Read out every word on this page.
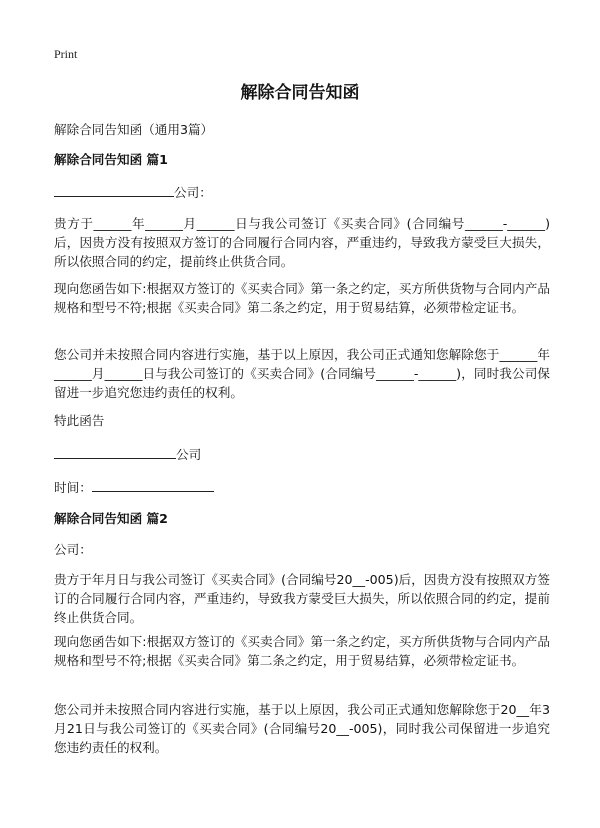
Print
解除合同告知函
解除合同告知函（通用3篇）
解除合同告知函 篇1
公司：
贵方于______年______月______日与我公司签订《买卖合同》(合同编号______-______)后，因贵方没有按照双方签订的合同履行合同内容，严重违约，导致我方蒙受巨大损失，所以依照合同的约定，提前终止供货合同。
现向您函告如下:根据双方签订的《买卖合同》第一条之约定，买方所供货物与合同内产品规格和型号不符;根据《买卖合同》第二条之约定，用于贸易结算，必须带检定证书。
您公司并未按照合同内容进行实施，基于以上原因，我公司正式通知您解除您于______年______月______日与我公司签订的《买卖合同》(合同编号______-______)，同时我公司保留进一步追究您违约责任的权利。
特此函告
公司
时间：
解除合同告知函 篇2
公司：
贵方于年月日与我公司签订《买卖合同》(合同编号20__-005)后，因贵方没有按照双方签订的合同履行合同内容，严重违约，导致我方蒙受巨大损失，所以依照合同的约定，提前终止供货合同。
现向您函告如下:根据双方签订的《买卖合同》第一条之约定，买方所供货物与合同内产品规格和型号不符;根据《买卖合同》第二条之约定，用于贸易结算，必须带检定证书。
您公司并未按照合同内容进行实施，基于以上原因，我公司正式通知您解除您于20__年3月21日与我公司签订的《买卖合同》(合同编号20__-005)，同时我公司保留进一步追究您违约责任的权利。
